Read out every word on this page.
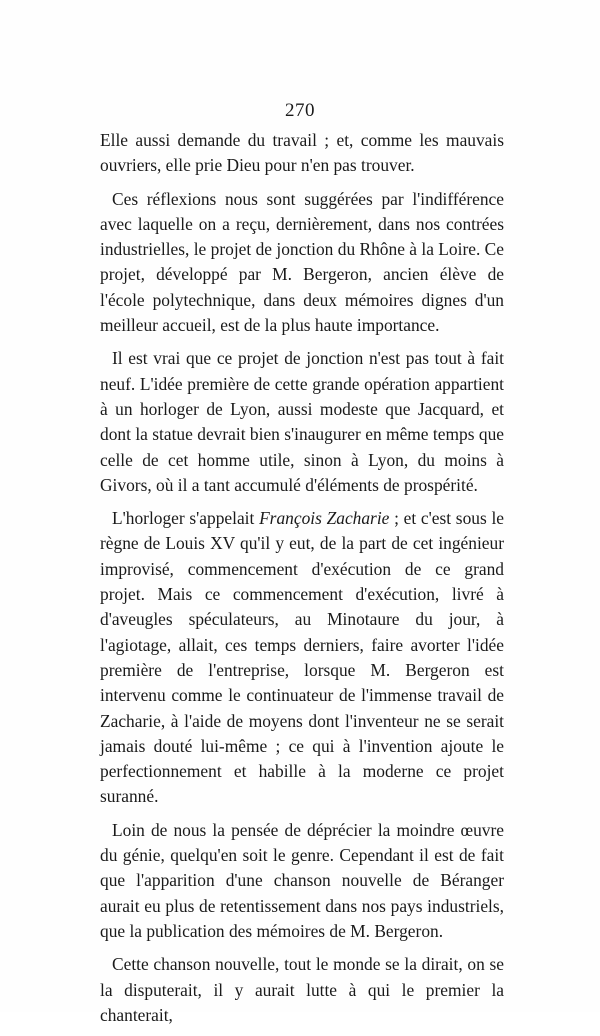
270

Elle aussi demande du travail ; et, comme les mauvais ouvriers, elle prie Dieu pour n'en pas trouver.

Ces réflexions nous sont suggérées par l'indifférence avec laquelle on a reçu, dernièrement, dans nos contrées industrielles, le projet de jonction du Rhône à la Loire. Ce projet, développé par M. Bergeron, ancien élève de l'école polytechnique, dans deux mémoires dignes d'un meilleur accueil, est de la plus haute importance.

Il est vrai que ce projet de jonction n'est pas tout à fait neuf. L'idée première de cette grande opération appartient à un horloger de Lyon, aussi modeste que Jacquard, et dont la statue devrait bien s'inaugurer en même temps que celle de cet homme utile, sinon à Lyon, du moins à Givors, où il a tant accumulé d'éléments de prospérité.

L'horloger s'appelait François Zacharie ; et c'est sous le règne de Louis XV qu'il y eut, de la part de cet ingénieur improvisé, commencement d'exécution de ce grand projet. Mais ce commencement d'exécution, livré à d'aveugles spéculateurs, au Minotaure du jour, à l'agiotage, allait, ces temps derniers, faire avorter l'idée première de l'entreprise, lorsque M. Bergeron est intervenu comme le continuateur de l'immense travail de Zacharie, à l'aide de moyens dont l'inventeur ne se serait jamais douté lui-même ; ce qui à l'invention ajoute le perfectionnement et habille à la moderne ce projet suranné.

Loin de nous la pensée de déprécier la moindre œuvre du génie, quelqu'en soit le genre. Cependant il est de fait que l'apparition d'une chanson nouvelle de Béranger aurait eu plus de retentissement dans nos pays industriels, que la publication des mémoires de M. Bergeron.

Cette chanson nouvelle, tout le monde se la dirait, on se la disputerait, il y aurait lutte à qui le premier la chanterait,
